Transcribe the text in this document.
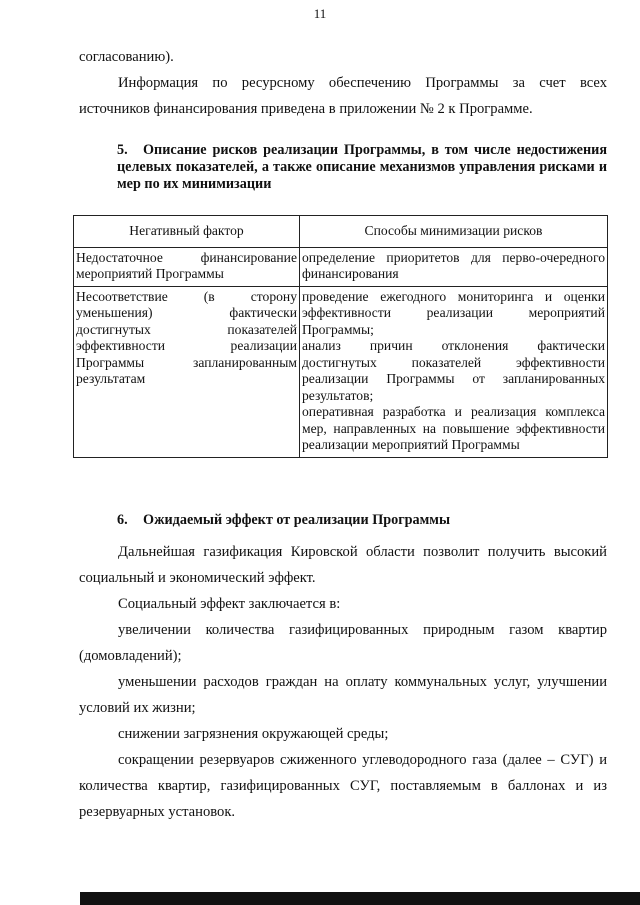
11

согласованию).

Информация по ресурсному обеспечению Программы за счет всех источников финансирования приведена в приложении № 2 к Программе.

5. Описание рисков реализации Программы, в том числе недостижения целевых показателей, а также описание механизмов управления рисками и мер по их минимизации
Негативный фактор	Способы минимизации рисков
Недостаточное финансирование мероприятий Программы	определение приоритетов для перво-очередного финансирования

Несоответствие (в сторону уменьшения) фактически достигнутых показателей эффективности реализации Программы запланированным результатам	проведение ежегодного мониторинга и оценки эффективности реализации мероприятий Программы;
анализ причин отклонения фактически достигнутых показателей эффективности реализации Программы от запланированных результатов;
оперативная разработка и реализация комплекса мер, направленных на повышение эффективности реализации мероприятий Программы
6. Ожидаемый эффект от реализации Программы

Дальнейшая газификация Кировской области позволит получить высокий социальный и экономический эффект.

Социальный эффект заключается в:

увеличении количества газифицированных природным газом квартир (домовладений);

уменьшении расходов граждан на оплату коммунальных услуг, улучшении условий их жизни;

снижении загрязнения окружающей среды;

сокращении резервуаров сжиженного углеводородного газа (далее – СУГ) и количества квартир, газифицированных СУГ, поставляемым в баллонах и из резервуарных установок.
